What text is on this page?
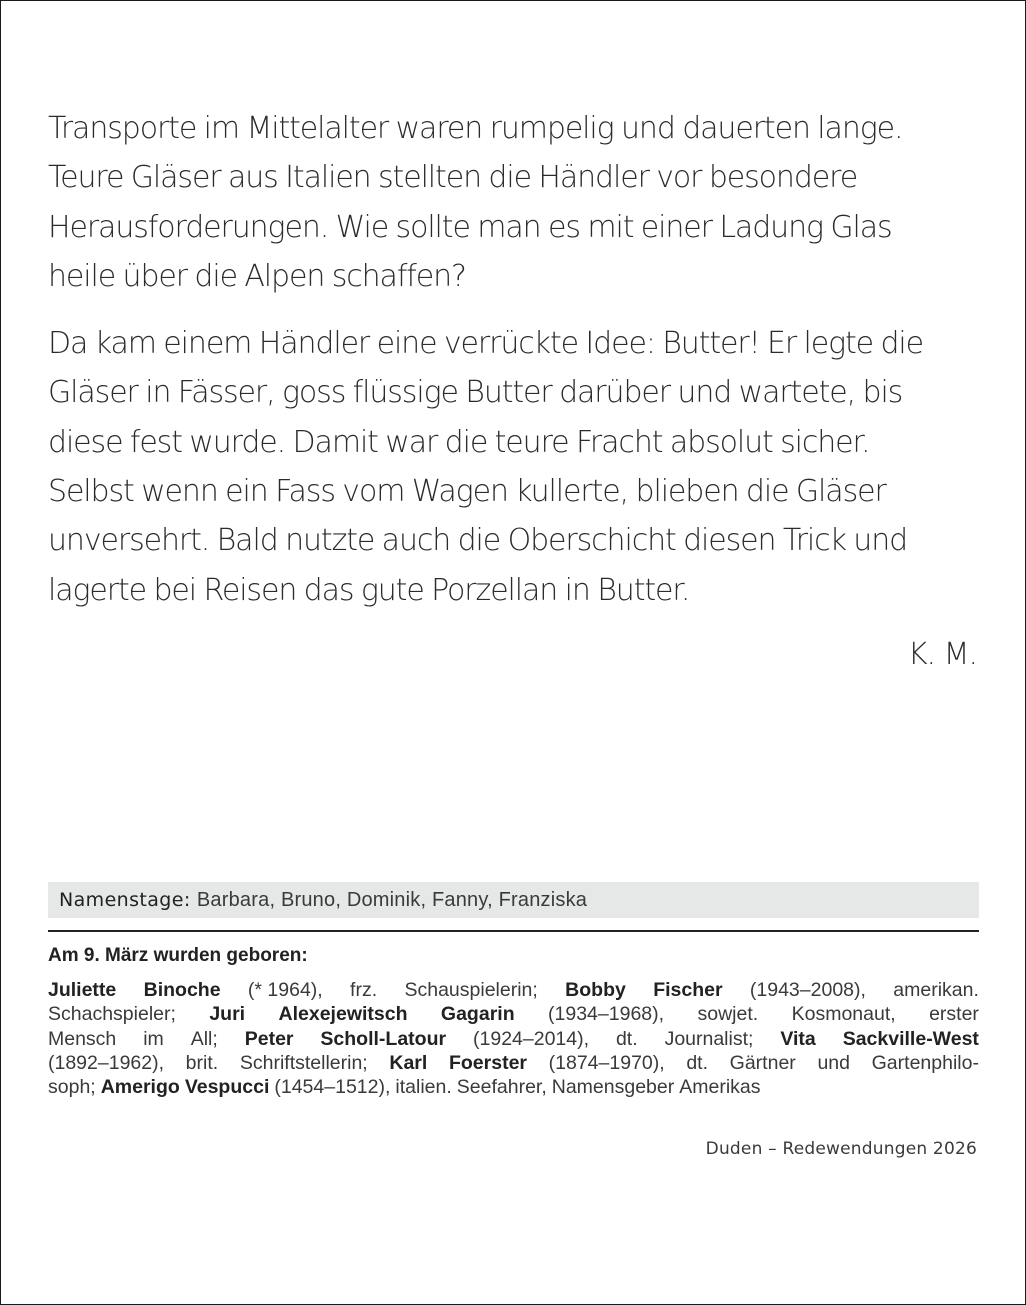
Transporte im Mittelalter waren rumpelig und dauerten lange.
Teure Gläser aus Italien stellten die Händler vor besondere
Herausforderungen. Wie sollte man es mit einer Ladung Glas
heile über die Alpen schaffen?

Da kam einem Händler eine verrückte Idee: Butter! Er legte die
Gläser in Fässer, goss flüssige Butter darüber und wartete, bis
diese fest wurde. Damit war die teure Fracht absolut sicher.
Selbst wenn ein Fass vom Wagen kullerte, blieben die Gläser
unversehrt. Bald nutzte auch die Oberschicht diesen Trick und
lagerte bei Reisen das gute Porzellan in Butter.

K. M.
Namenstage: Barbara, Bruno, Dominik, Fanny, Franziska
Am 9. März wurden geboren:
Juliette Binoche (* 1964), frz. Schauspielerin; Bobby Fischer (1943–2008), amerikan.
Schachspieler; Juri Alexejewitsch Gagarin (1934–1968), sowjet. Kosmonaut, erster
Mensch im All; Peter Scholl-Latour (1924–2014), dt. Journalist; Vita Sackville-West
(1892–1962), brit. Schriftstellerin; Karl Foerster (1874–1970), dt. Gärtner und Gartenphilo-
soph; Amerigo Vespucci (1454–1512), italien. Seefahrer, Namensgeber Amerikas
Duden – Redewendungen 2026
